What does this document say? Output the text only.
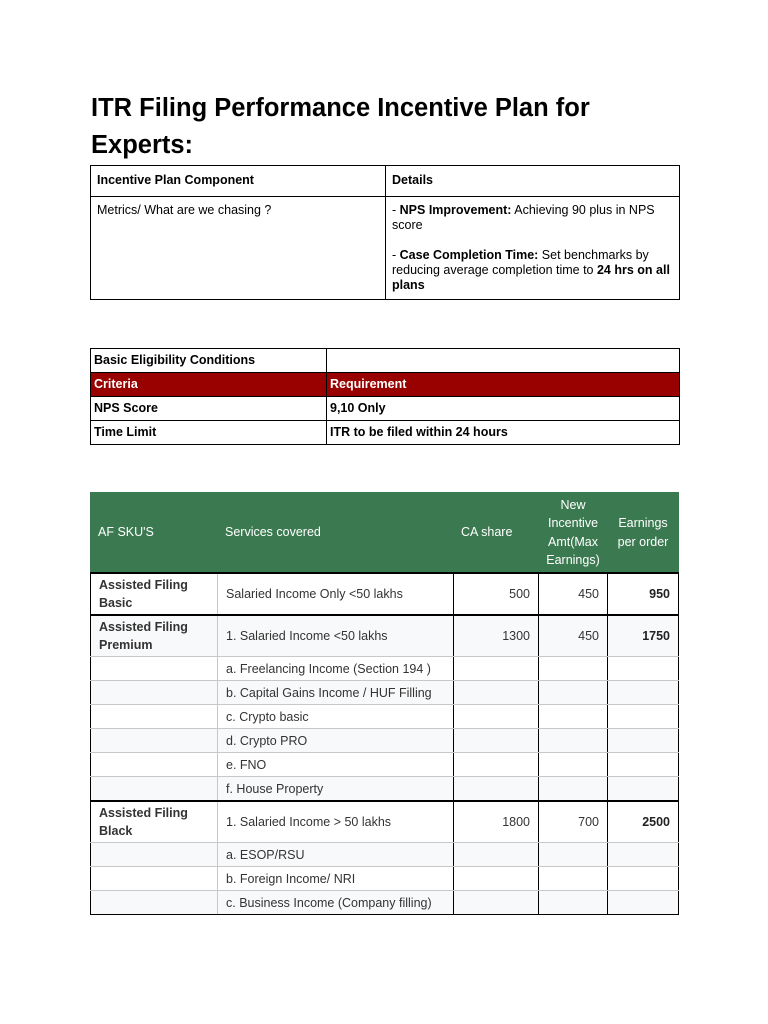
ITR Filing Performance Incentive Plan for Experts:
Incentive Plan Component	Details
Metrics/ What are we chasing ?	- NPS Improvement: Achieving 90 plus in NPS score

- Case Completion Time: Set benchmarks by reducing average completion time to 24 hrs on all plans

Basic Eligibility Conditions	
Criteria	Requirement
NPS Score	9,10 Only
Time Limit	ITR to be filed within 24 hours
AF SKU'S	Services covered	CA share	New Incentive Amt(Max Earnings)	Earnings per order
Assisted Filing Basic	Salaried Income Only <50 lakhs	500	450	950
Assisted Filing Premium	1. Salaried Income <50 lakhs	1300	450	1750
	a. Freelancing Income (Section 194 )			
	b. Capital Gains Income / HUF Filling			
	c. Crypto basic			
	d. Crypto PRO			
	e. FNO			
	f. House Property			
Assisted Filing Black	1. Salaried Income > 50 lakhs	1800	700	2500
	a. ESOP/RSU			
	b. Foreign Income/ NRI			
	c. Business Income (Company filling)			
